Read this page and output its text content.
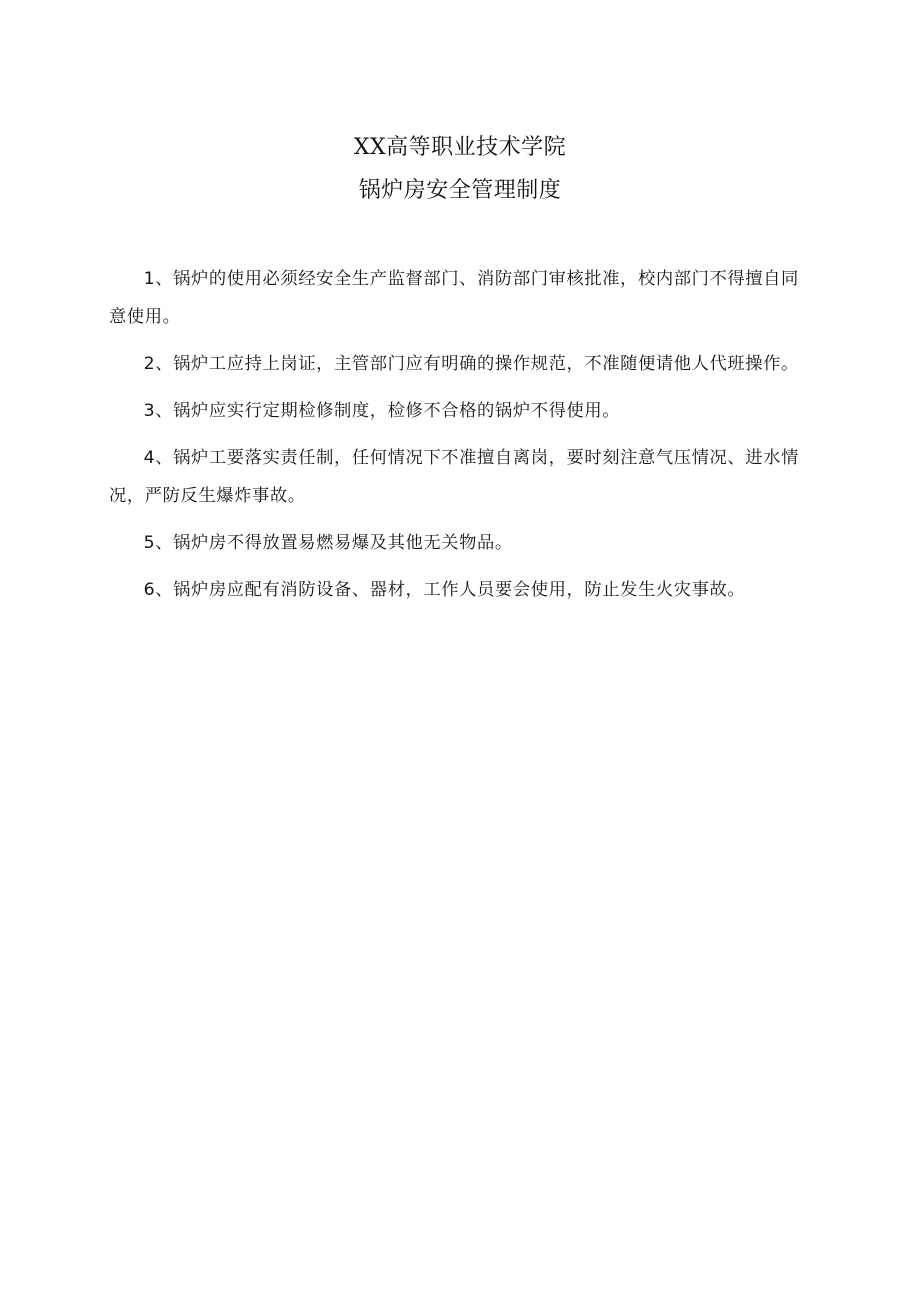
XX高等职业技术学院
锅炉房安全管理制度

1、锅炉的使用必须经安全生产监督部门、消防部门审核批准，校内部门不得擅自同意使用。

2、锅炉工应持上岗证，主管部门应有明确的操作规范，不准随便请他人代班操作。

3、锅炉应实行定期检修制度，检修不合格的锅炉不得使用。

4、锅炉工要落实责任制，任何情况下不准擅自离岗，要时刻注意气压情况、进水情况，严防反生爆炸事故。

5、锅炉房不得放置易燃易爆及其他无关物品。

6、锅炉房应配有消防设备、器材，工作人员要会使用，防止发生火灾事故。
